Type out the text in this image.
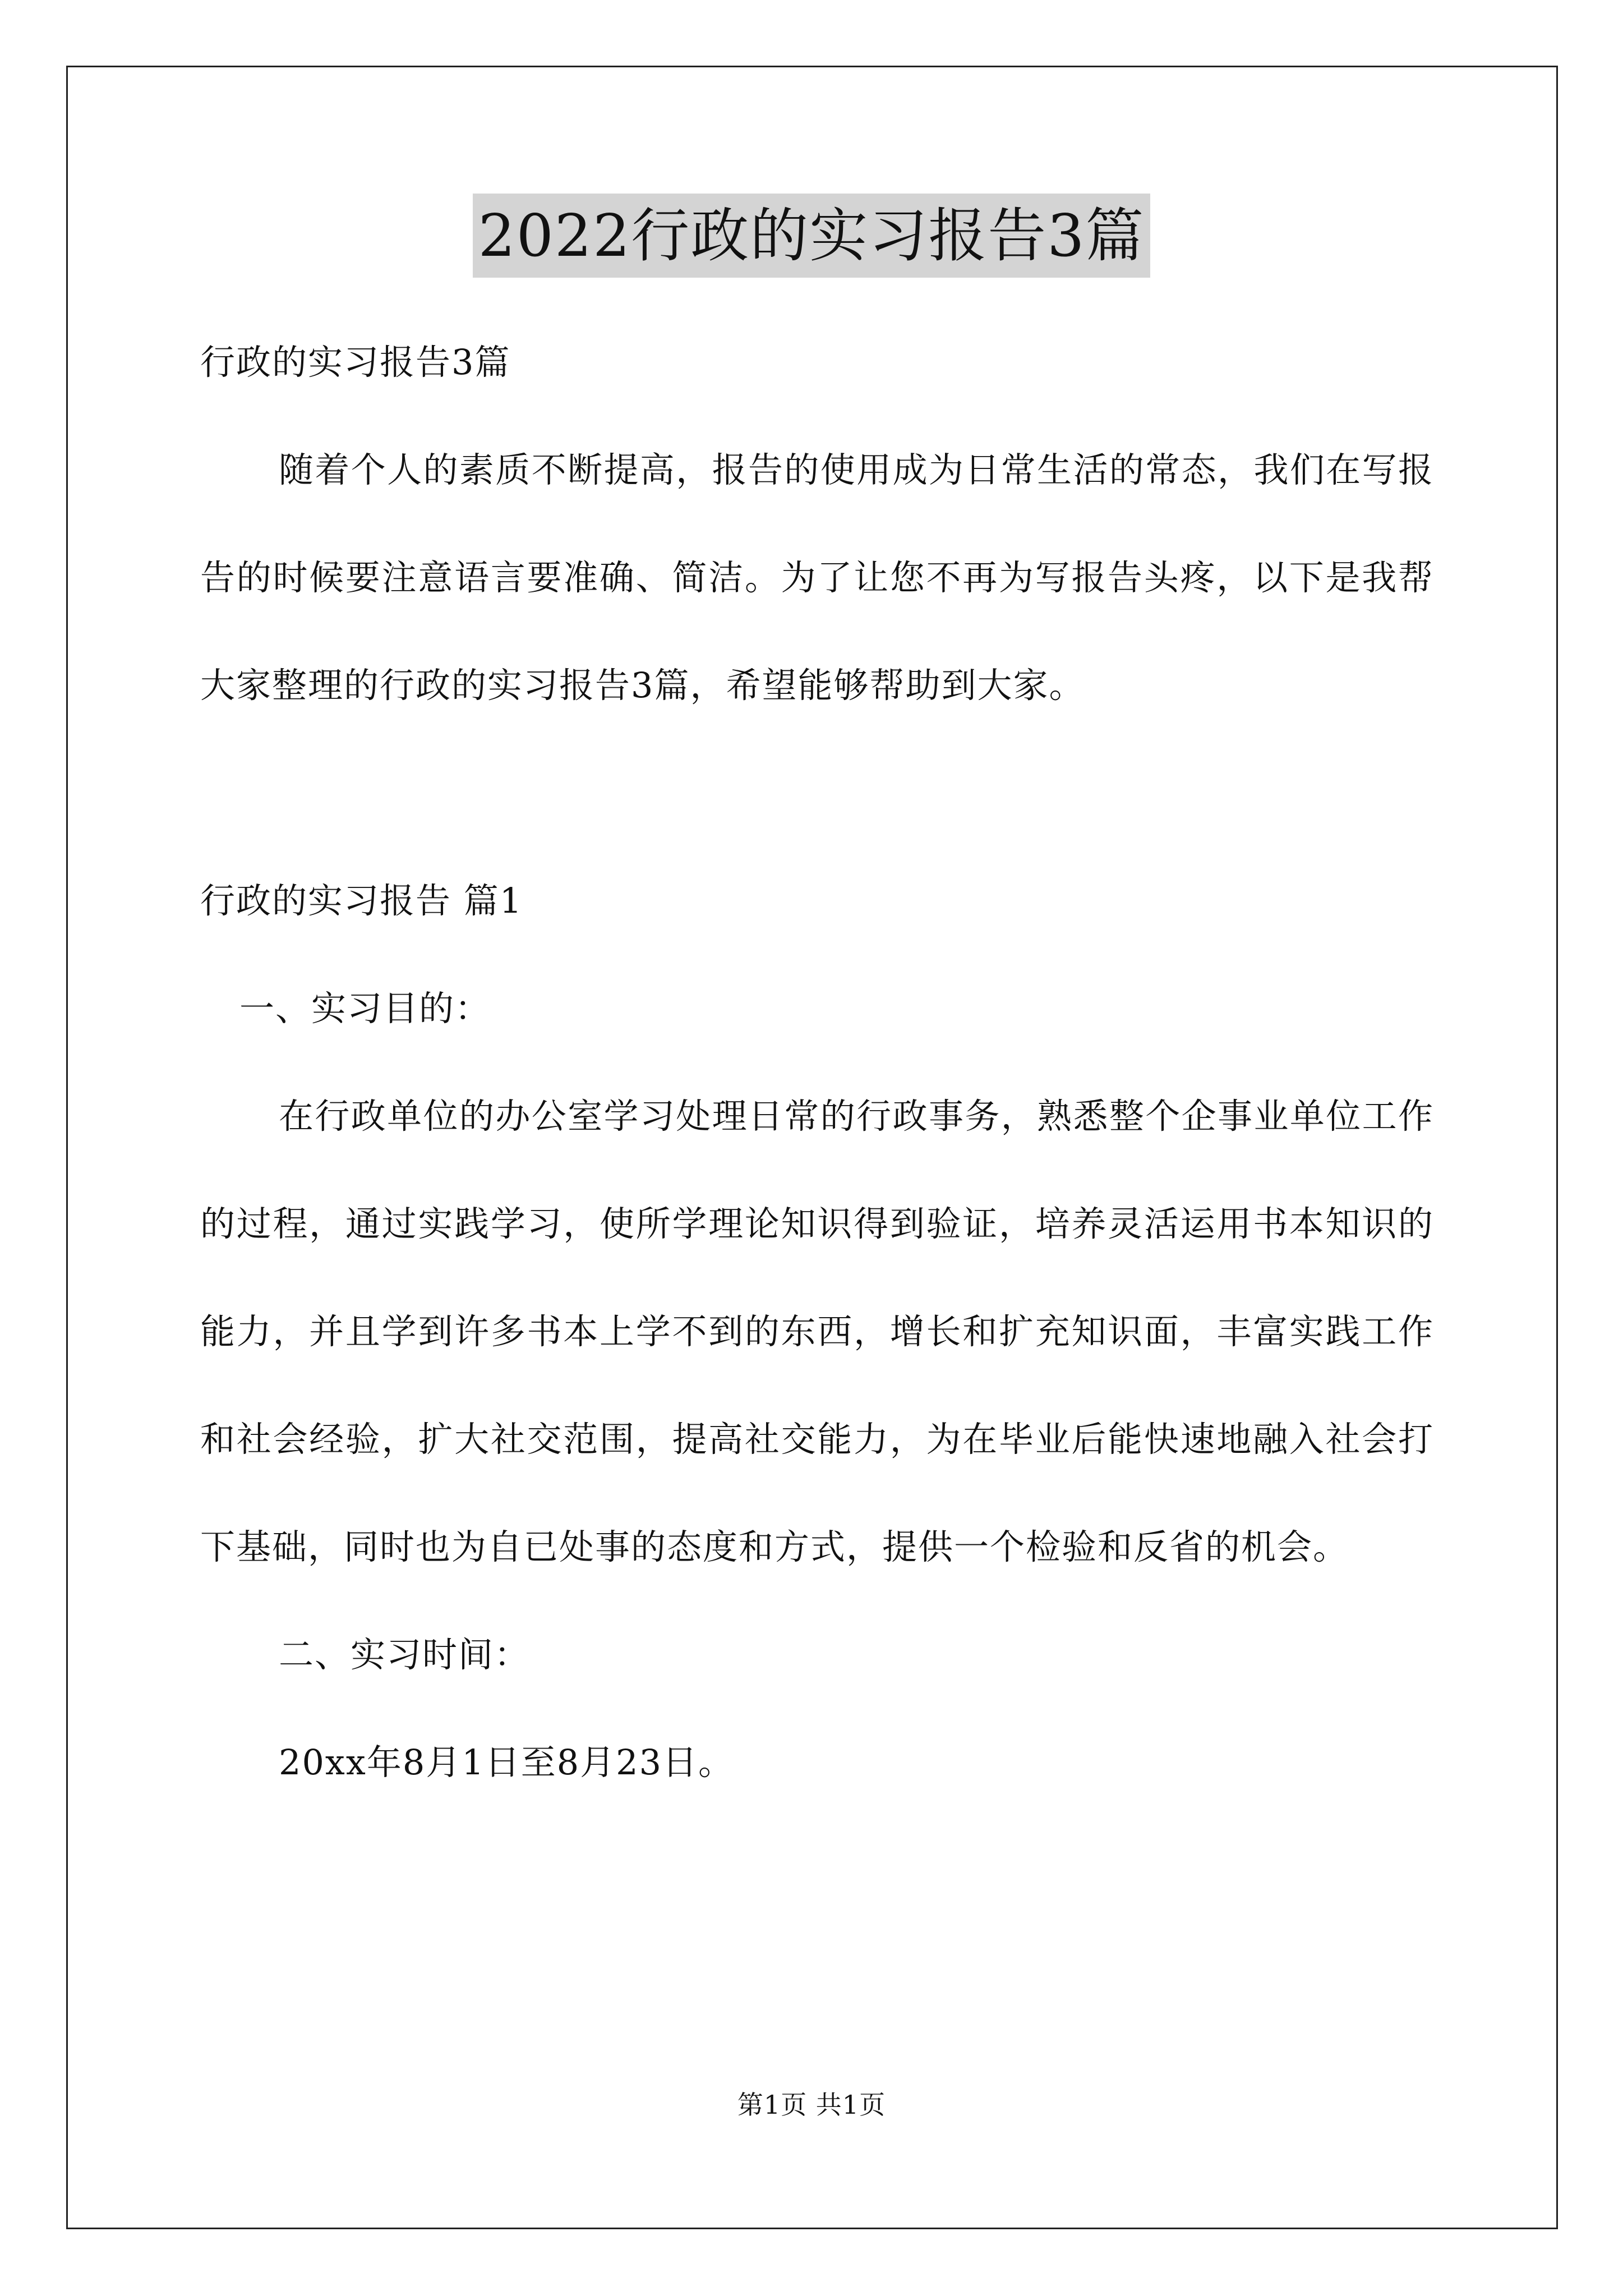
2022行政的实习报告3篇

行政的实习报告3篇

随着个人的素质不断提高，报告的使用成为日常生活的常态，我们在写报告的时候要注意语言要准确、简洁。为了让您不再为写报告头疼，以下是我帮大家整理的行政的实习报告3篇，希望能够帮助到大家。

行政的实习报告 篇1

一、实习目的：

在行政单位的办公室学习处理日常的行政事务，熟悉整个企事业单位工作的过程，通过实践学习，使所学理论知识得到验证，培养灵活运用书本知识的能力，并且学到许多书本上学不到的东西，增长和扩充知识面，丰富实践工作和社会经验，扩大社交范围，提高社交能力，为在毕业后能快速地融入社会打下基础，同时也为自已处事的态度和方式，提供一个检验和反省的机会。

二、实习时间：

20xx年8月1日至8月23日。

第1页 共1页
